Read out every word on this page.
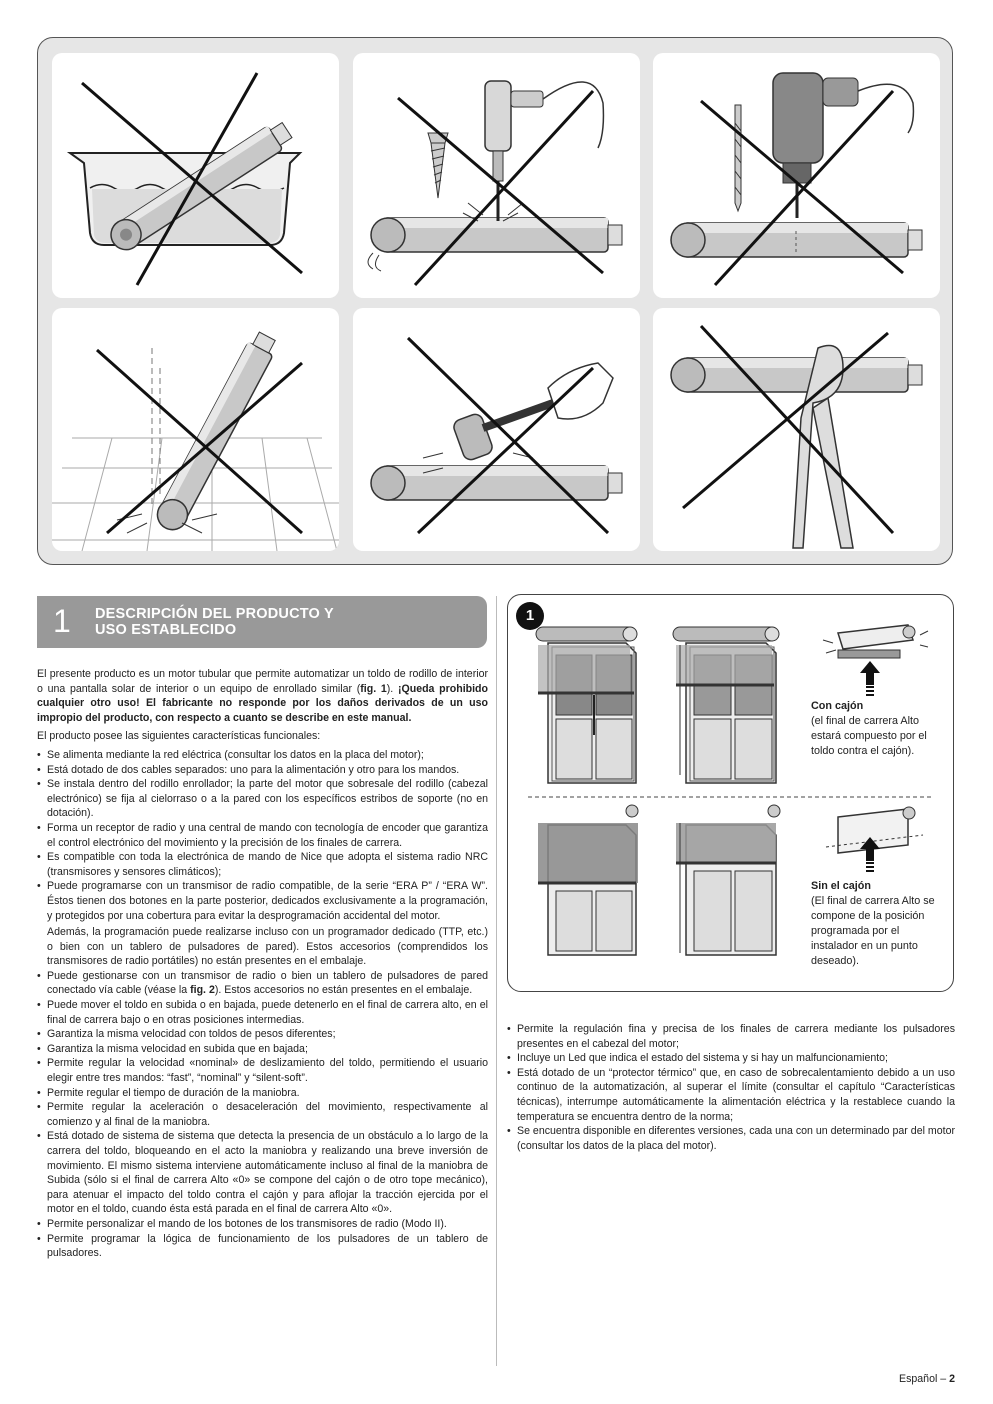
1 DESCRIPCIÓN DEL PRODUCTO Y
USO ESTABLECIDO

El presente producto es un motor tubular que permite automatizar un toldo de rodillo de interior o una pantalla solar de interior o un equipo de enrollado similar (fig. 1). ¡Queda prohibido cualquier otro uso! El fabricante no responde por los daños derivados de un uso impropio del producto, con respecto a cuanto se describe en este manual.

El producto posee las siguientes características funcionales:

• Se alimenta mediante la red eléctrica (consultar los datos en la placa del motor);
• Está dotado de dos cables separados: uno para la alimentación y otro para los mandos.
• Se instala dentro del rodillo enrollador; la parte del motor que sobresale del rodillo (cabezal electrónico) se fija al cielorraso o a la pared con los específicos estribos de soporte (no en dotación).
• Forma un receptor de radio y una central de mando con tecnología de encoder que garantiza el control electrónico del movimiento y la precisión de los finales de carrera.
• Es compatible con toda la electrónica de mando de Nice que adopta el sistema radio NRC (transmisores y sensores climáticos);
• Puede programarse con un transmisor de radio compatible, de la serie “ERA P” / “ERA W”. Éstos tienen dos botones en la parte posterior, dedicados exclusivamente a la programación, y protegidos por una cobertura para evitar la desprogramación accidental del motor.
Además, la programación puede realizarse incluso con un programador dedicado (TTP, etc.) o bien con un tablero de pulsadores de pared). Estos accesorios (comprendidos los transmisores de radio portátiles) no están presentes en el embalaje.
• Puede gestionarse con un transmisor de radio o bien un tablero de pulsadores de pared conectado vía cable (véase la fig. 2). Estos accesorios no están presentes en el embalaje.
• Puede mover el toldo en subida o en bajada, puede detenerlo en el final de carrera alto, en el final de carrera bajo o en otras posiciones intermedias.
• Garantiza la misma velocidad con toldos de pesos diferentes;
• Garantiza la misma velocidad en subida que en bajada;
• Permite regular la velocidad «nominal» de deslizamiento del toldo, permitiendo el usuario elegir entre tres mandos: “fast”, “nominal” y “silent-soft”.
• Permite regular el tiempo de duración de la maniobra.
• Permite regular la aceleración o desaceleración del movimiento, respectivamente al comienzo y al final de la maniobra.
• Está dotado de sistema de sistema que detecta la presencia de un obstáculo a lo largo de la carrera del toldo, bloqueando en el acto la maniobra y realizando una breve inversión de movimiento. El mismo sistema interviene automáticamente incluso al final de la maniobra de Subida (sólo si el final de carrera Alto «0» se compone del cajón o de otro tope mecánico), para atenuar el impacto del toldo contra el cajón y para aflojar la tracción ejercida por el motor en el toldo, cuando ésta está parada en el final de carrera Alto «0».
• Permite personalizar el mando de los botones de los transmisores de radio (Modo II).
• Permite programar la lógica de funcionamiento de los pulsadores de un tablero de pulsadores.
1
Con cajón
(el final de carrera Alto estará compuesto por el toldo contra el cajón).
Sin el cajón
(El final de carrera Alto se compone de la posición programada por el instalador en un punto deseado).
• Permite la regulación fina y precisa de los finales de carrera mediante los pulsadores presentes en el cabezal del motor;
• Incluye un Led que indica el estado del sistema y si hay un malfuncionamiento;
• Está dotado de un “protector térmico” que, en caso de sobrecalentamiento debido a un uso continuo de la automatización, al superar el límite (consultar el capítulo “Características técnicas), interrumpe automáticamente la alimentación eléctrica y la restablece cuando la temperatura se encuentra dentro de la norma;
• Se encuentra disponible en diferentes versiones, cada una con un determinado par del motor (consultar los datos de la placa del motor).
Español – 2
